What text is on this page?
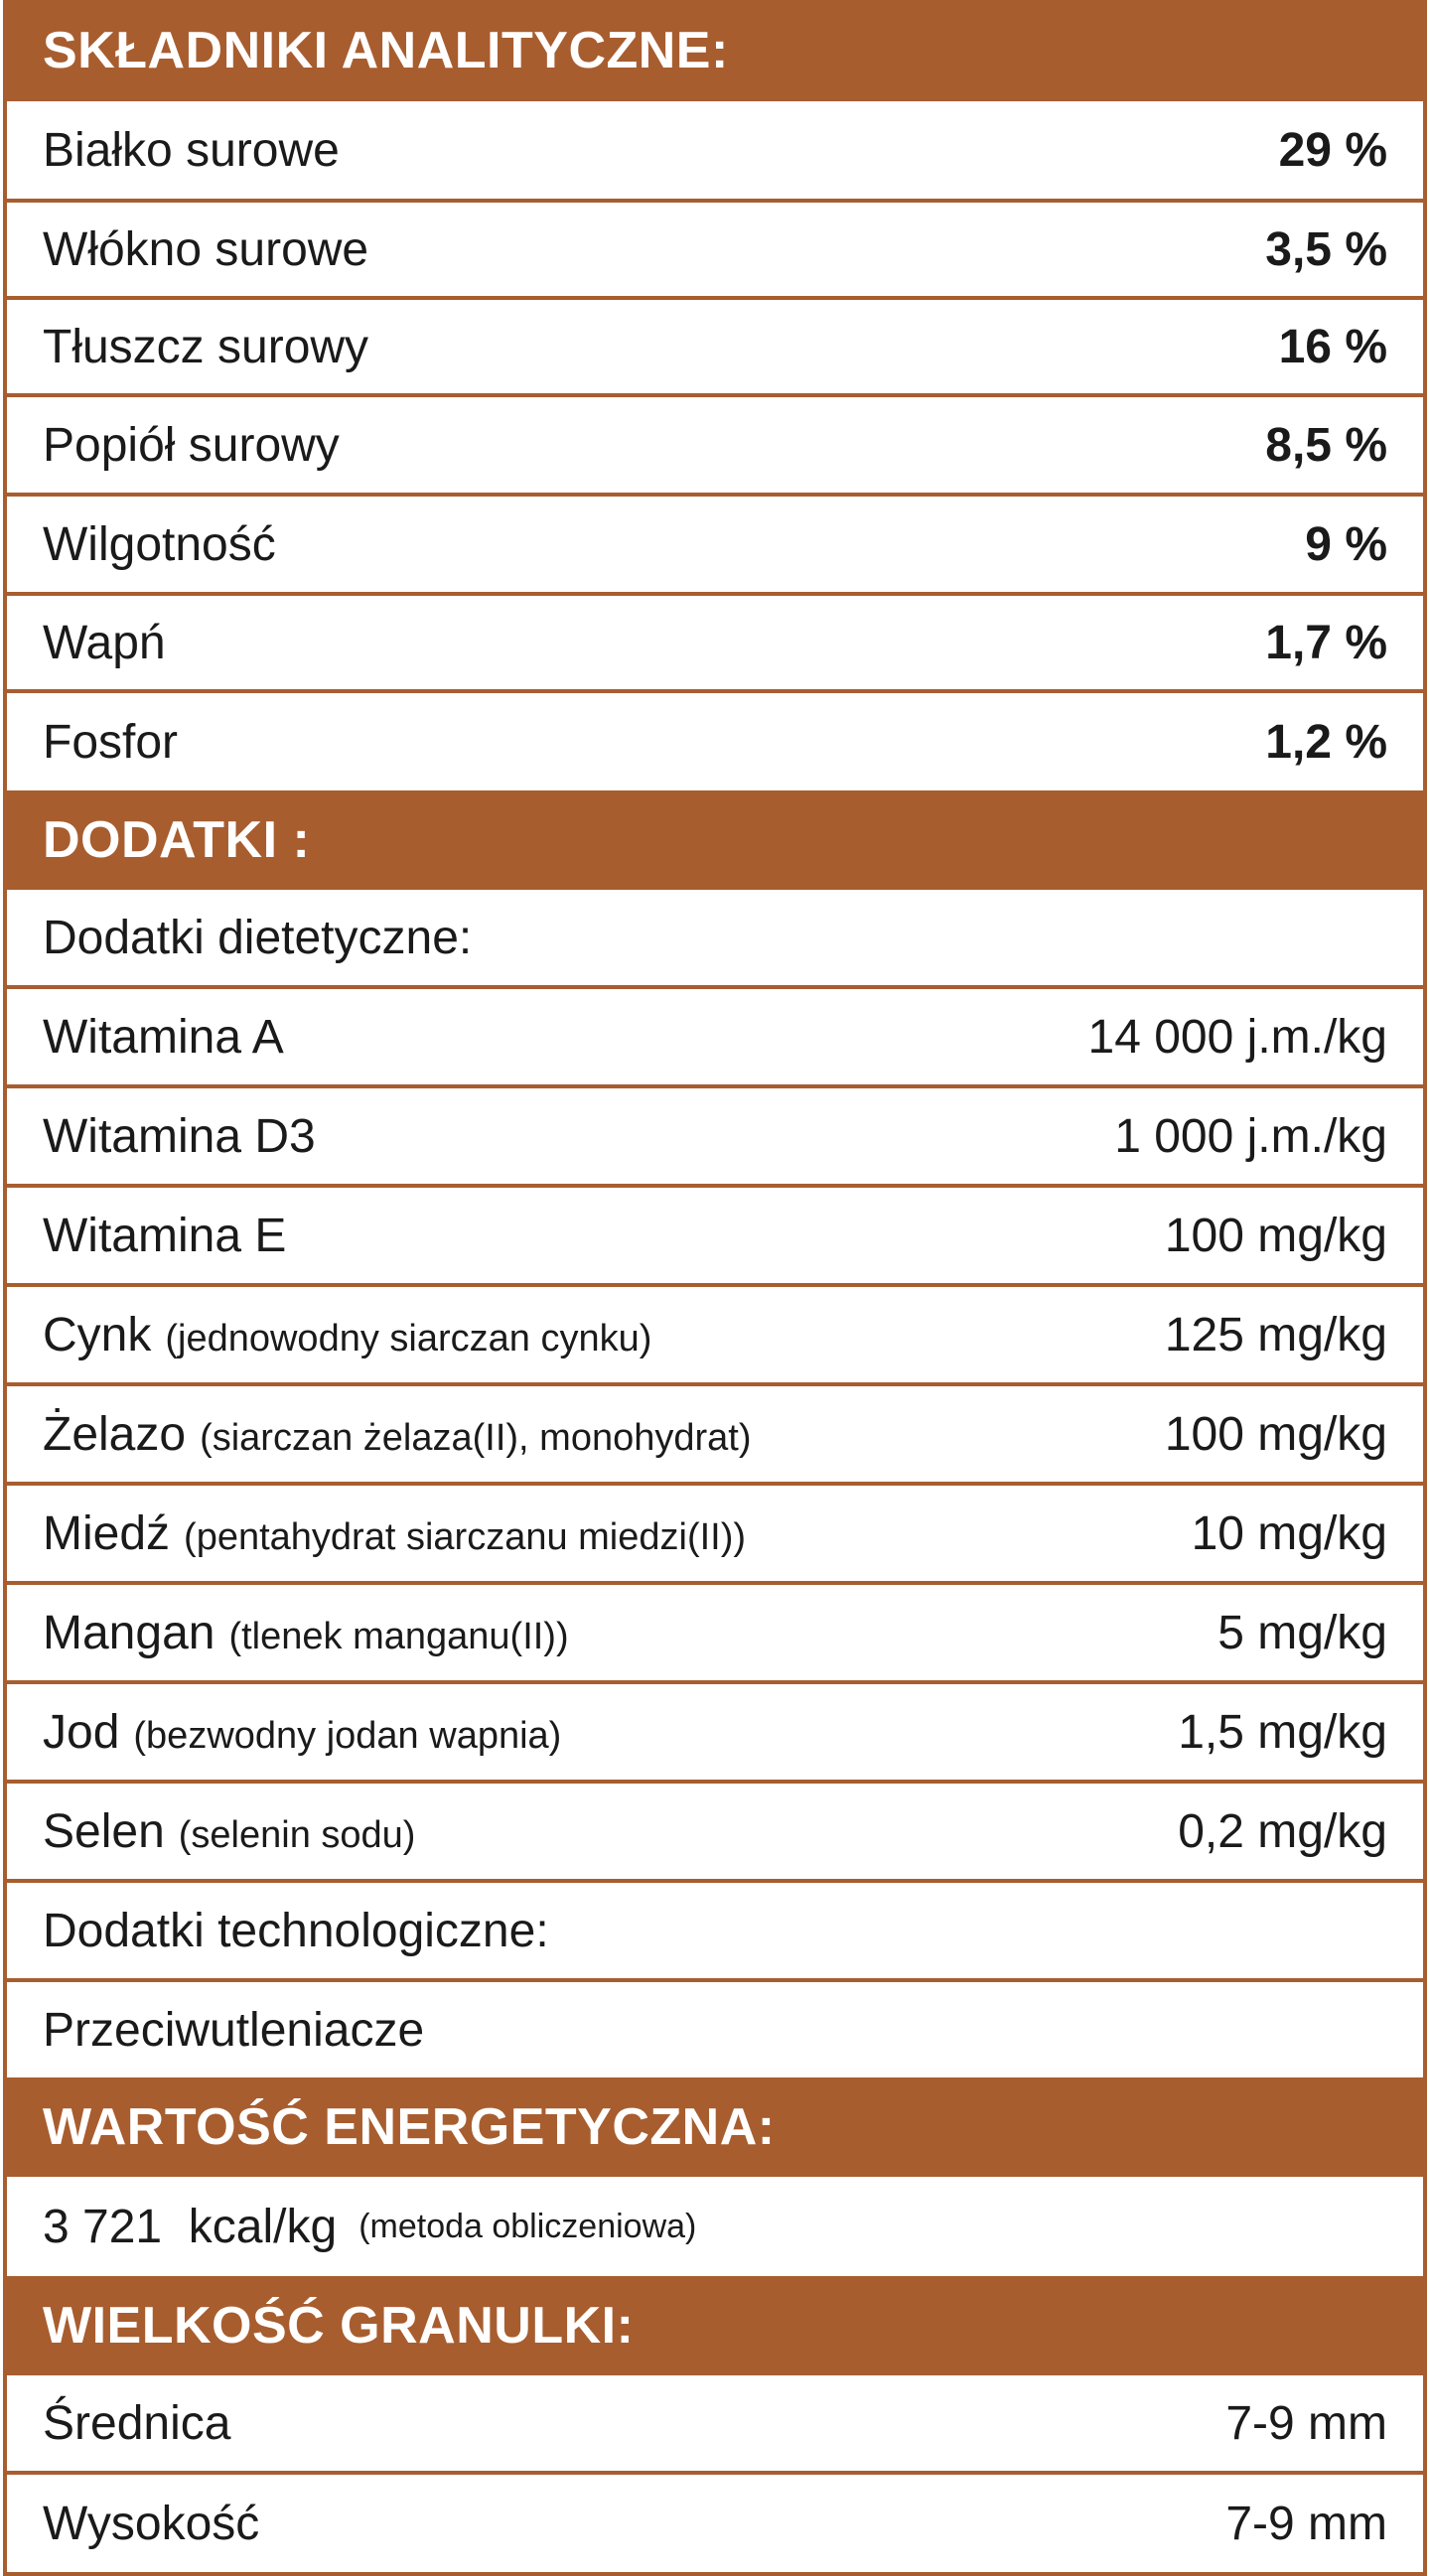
SKŁADNIKI ANALITYCZNE:
Białko surowe	29 %
Włókno surowe	3,5 %
Tłuszcz surowy	16 %
Popiół surowy	8,5 %
Wilgotność	9 %
Wapń	1,7 %
Fosfor	1,2 %
DODATKI :
Dodatki dietetyczne:
Witamina A	14 000 j.m./kg
Witamina D3	1 000 j.m./kg
Witamina E	100 mg/kg
Cynk (jednowodny siarczan cynku)	125 mg/kg
Żelazo (siarczan żelaza(II), monohydrat)	100 mg/kg
Miedź (pentahydrat siarczanu miedzi(II))	10 mg/kg
Mangan (tlenek manganu(II))	5 mg/kg
Jod (bezwodny jodan wapnia)	1,5 mg/kg
Selen (selenin sodu)	0,2 mg/kg
Dodatki technologiczne:
Przeciwutleniacze
WARTOŚĆ ENERGETYCZNA:
3 721  kcal/kg (metoda obliczeniowa)
WIELKOŚĆ GRANULKI:
Średnica	7-9 mm
Wysokość	7-9 mm
